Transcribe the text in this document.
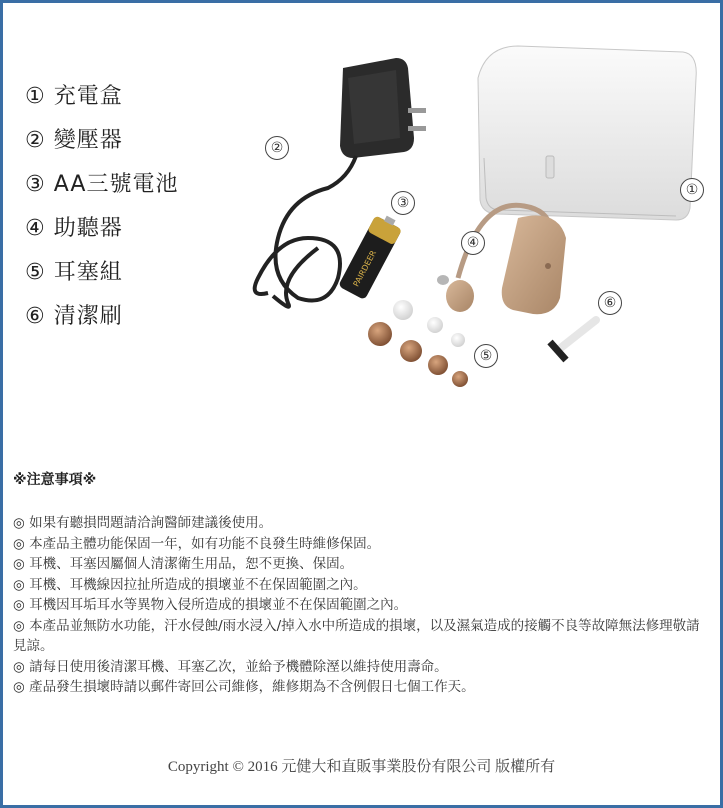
① 充電盒
② 變壓器
③ AA三號電池
④ 助聽器
⑤ 耳塞組
⑥ 清潔刷
PAIRDEER
②
③
④
①
⑥
⑤
※注意事項※

◎ 如果有聽損問題請洽詢醫師建議後使用。

◎ 本產品主體功能保固一年，如有功能不良發生時維修保固。

◎ 耳機、耳塞因屬個人清潔衛生用品，恕不更換、保固。

◎ 耳機、耳機線因拉扯所造成的損壞並不在保固範圍之內。

◎ 耳機因耳垢耳水等異物入侵所造成的損壞並不在保固範圍之內。

◎ 本產品並無防水功能，汗水侵蝕/雨水浸入/掉入水中所造成的損壞，以及濕氣造成的接觸不良等故障無法修理敬請見諒。

◎ 請每日使用後清潔耳機、耳塞乙次，並給予機體除溼以維持使用壽命。

◎ 產品發生損壞時請以郵件寄回公司維修，維修期為不含例假日七個工作天。

Copyright © 2016 元健大和直販事業股份有限公司 版權所有
